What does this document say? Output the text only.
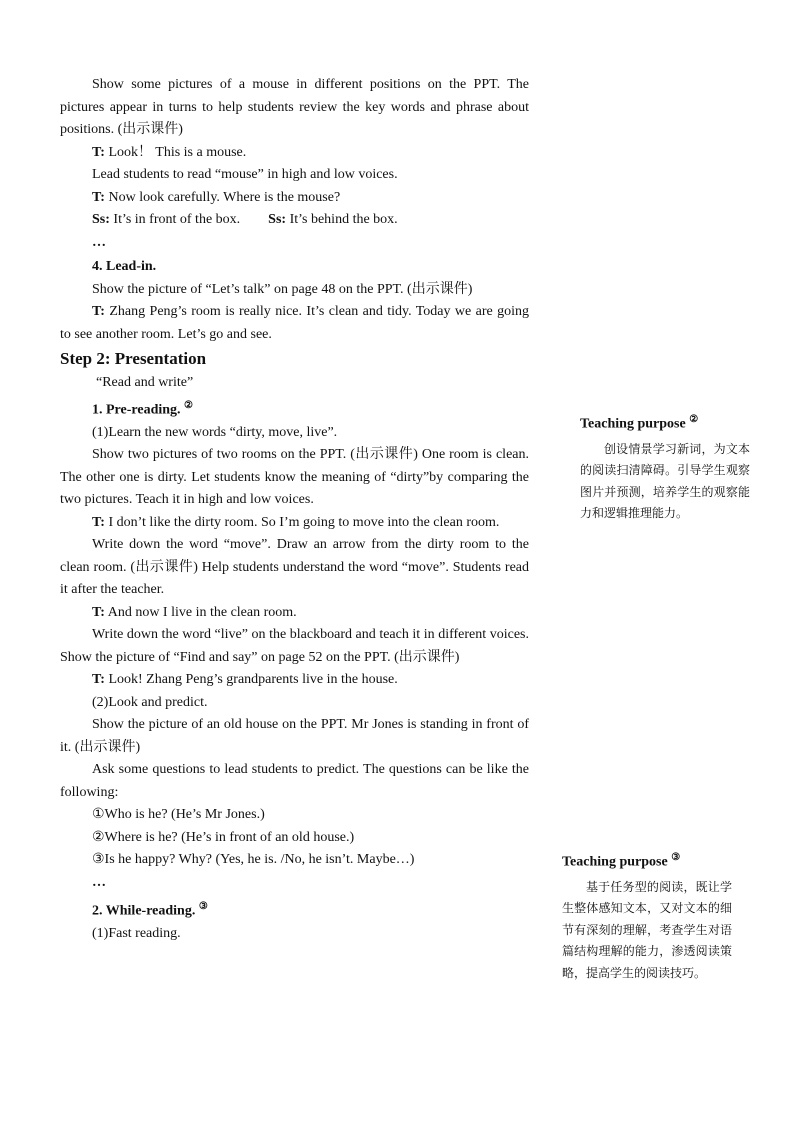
Show some pictures of a mouse in different positions on the PPT. The pictures appear in turns to help students review the key words and phrase about positions. (出示课件)

T: Look！ This is a mouse.
Lead students to read “mouse” in high and low voices.
T: Now look carefully. Where is the mouse?
Ss: It’s in front of the box. Ss: It’s behind the box.
…
4. Lead-in.

Show the picture of “Let’s talk” on page 48 on the PPT. (出示课件)

T: Zhang Peng’s room is really nice. It’s clean and tidy. Today we are going to see another room. Let’s go and see.

Step 2: Presentation

“Read and write”
1. Pre-reading. ②
(1)Learn the new words “dirty, move, live”.

Show two pictures of two rooms on the PPT. (出示课件) One room is clean. The other one is dirty. Let students know the meaning of “dirty”by comparing the two pictures. Teach it in high and low voices.

T: I don’t like the dirty room. So I’m going to move into the clean room.

Write down the word “move”. Draw an arrow from the dirty room to the clean room. (出示课件) Help students understand the word “move”. Students read it after the teacher.

T: And now I live in the clean room.

Write down the word “live” on the blackboard and teach it in different voices. Show the picture of “Find and say” on page 52 on the PPT. (出示课件)

T: Look! Zhang Peng’s grandparents live in the house.
(2)Look and predict.

Show the picture of an old house on the PPT. Mr Jones is standing in front of it. (出示课件)

Ask some questions to lead students to predict. The questions can be like the following:

①Who is he? (He’s Mr Jones.)
②Where is he? (He’s in front of an old house.)
③Is he happy? Why? (Yes, he is. /No, he isn’t. Maybe…)
…
2. While-reading. ③
(1)Fast reading.
Teaching purpose ②

创设情景学习新词，为文本的阅读扫清障碍。引导学生观察图片并预测，培养学生的观察能力和逻辑推理能力。

Teaching purpose ③

基于任务型的阅读，既让学生整体感知文本，又对文本的细节有深刻的理解，考查学生对语篇结构理解的能力，渗透阅读策略，提高学生的阅读技巧。
